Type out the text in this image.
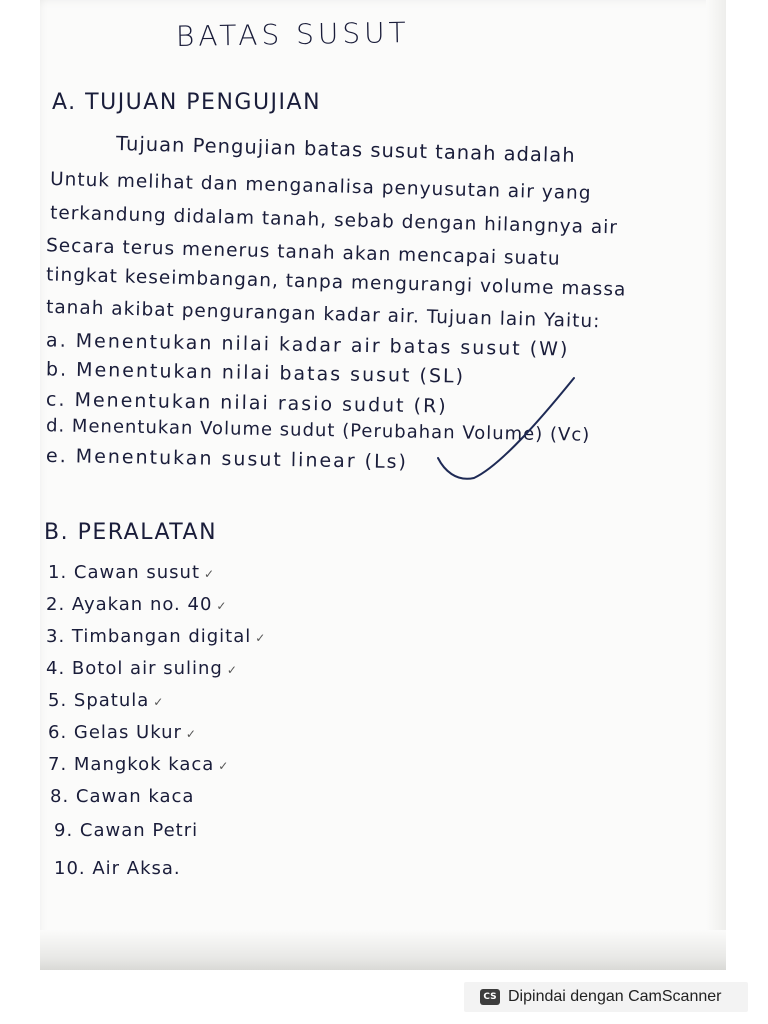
BATAS SUSUT
A. TUJUAN PENGUJIAN
Tujuan Pengujian batas susut tanah adalah
Untuk melihat dan menganalisa penyusutan air yang
terkandung didalam tanah, sebab dengan hilangnya air
Secara terus menerus tanah akan mencapai suatu
tingkat keseimbangan, tanpa mengurangi volume massa
tanah akibat pengurangan kadar air. Tujuan lain Yaitu:
a. Menentukan nilai kadar air batas susut (W)
b. Menentukan nilai batas susut (SL)
c. Menentukan nilai rasio sudut (R)
d. Menentukan Volume sudut (Perubahan Volume) (Vc)
e. Menentukan susut linear (Ls)
B. PERALATAN
1. Cawan susut ✓
2. Ayakan no. 40 ✓
3. Timbangan digital ✓
4. Botol air suling ✓
5. Spatula ✓
6. Gelas Ukur ✓
7. Mangkok kaca ✓
8. Cawan kaca
9. Cawan Petri
10. Air Aksa.
CS Dipindai dengan CamScanner
